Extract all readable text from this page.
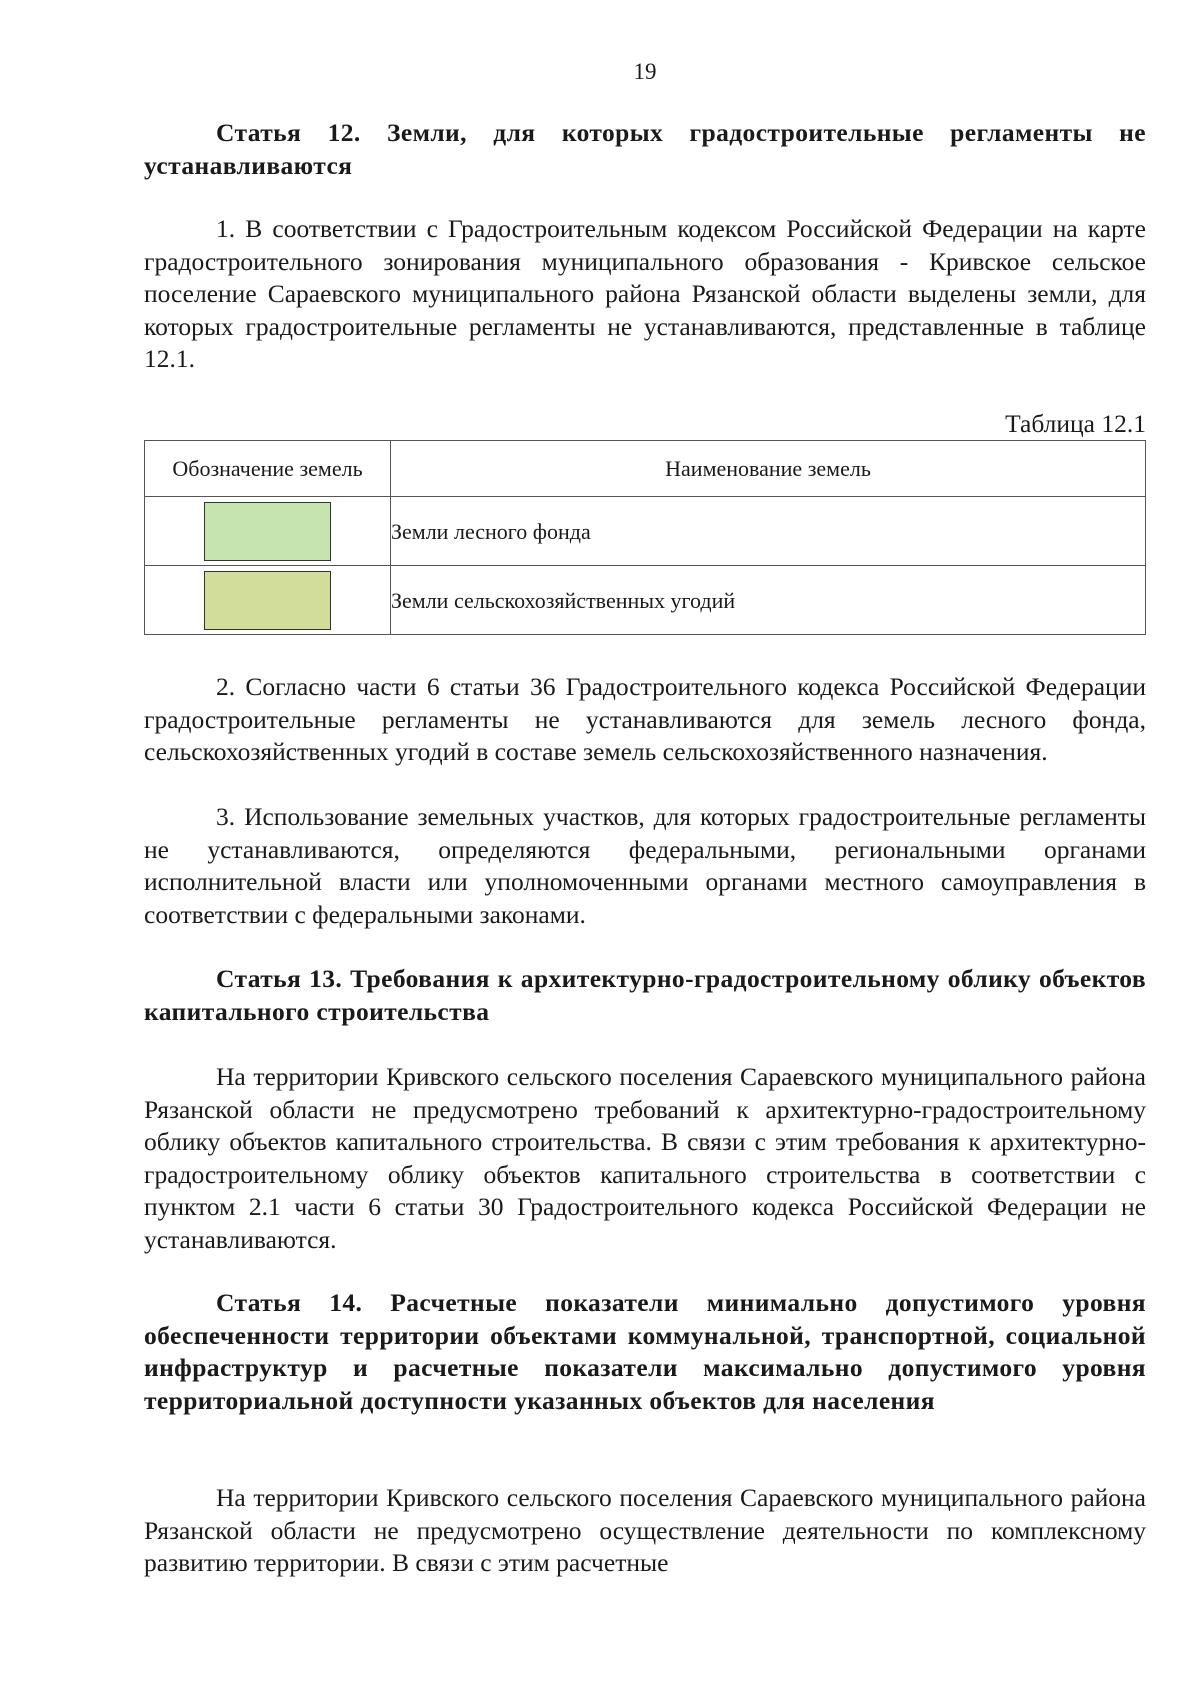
19

Статья 12. Земли, для которых градостроительные регламенты не устанавливаются

1. В соответствии с Градостроительным кодексом Российской Федерации на карте градостроительного зонирования муниципального образования - Кривское сельское поселение Сараевского муниципального района Рязанской области выделены земли, для которых градостроительные регламенты не устанавливаются, представленные в таблице 12.1.

Таблица 12.1
Обозначение земель	Наименование земель

	Земли лесного фонда

	Земли сельскохозяйственных угодий

2. Согласно части 6 статьи 36 Градостроительного кодекса Российской Федерации градостроительные регламенты не устанавливаются для земель лесного фонда, сельскохозяйственных угодий в составе земель сельскохозяйственного назначения.

3. Использование земельных участков, для которых градостроительные регламенты не устанавливаются, определяются федеральными, региональными органами исполнительной власти или уполномоченными органами местного самоуправления в соответствии с федеральными законами.

Статья 13. Требования к архитектурно-градостроительному облику объектов капитального строительства

На территории Кривского сельского поселения Сараевского муниципального района Рязанской области не предусмотрено требований к архитектурно-градостроительному облику объектов капитального строительства. В связи с этим требования к архитектурно-градостроительному облику объектов капитального строительства в соответствии с пунктом 2.1 части 6 статьи 30 Градостроительного кодекса Российской Федерации не устанавливаются.

Статья 14. Расчетные показатели минимально допустимого уровня обеспеченности территории объектами коммунальной, транспортной, социальной инфраструктур и расчетные показатели максимально допустимого уровня территориальной доступности указанных объектов для населения

На территории Кривского сельского поселения Сараевского муниципального района Рязанской области не предусмотрено осуществление деятельности по комплексному развитию территории. В связи с этим расчетные
